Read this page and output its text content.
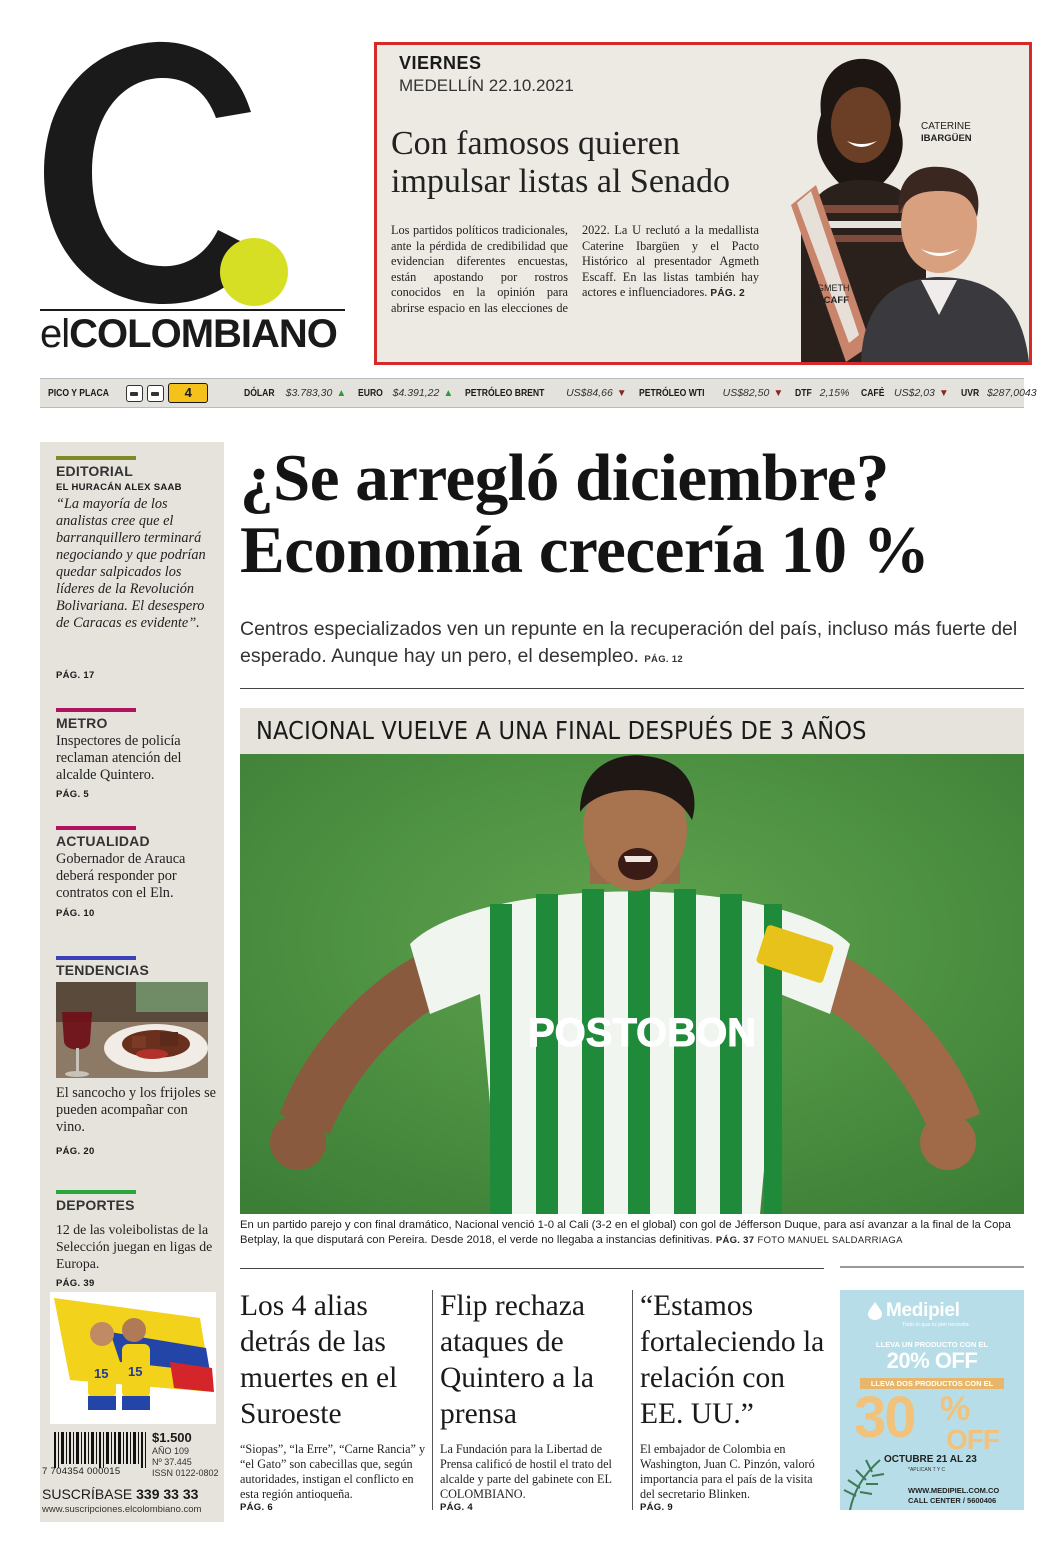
elCOLOMBIANO
VIERNES
MEDELLÍN 22.10.2021
Con famosos quieren impulsar listas al Senado
Los partidos políticos tradicionales, ante la pérdida de credibilidad que evidencian diferentes encuestas, están apostando por rostros conocidos en la opinión para abrirse espacio en las elecciones de 2022. La U reclutó a la medallista Caterine Ibargüen y el Pacto Histórico al presentador Agmeth Escaff. En las listas también hay actores e influenciadores. PÁG. 2
CATERINE
IBARGÜEN
AGMETH
ESCAFF
PICO Y PLACA	4	DÓLAR $3.783,30 ▲ EURO $4.391,22 ▲ PETRÓLEO BRENT US$84,66 ▼ PETRÓLEO WTI US$82,50 ▼ DTF 2,15% CAFÉ US$2,03 ▼ UVR $287,0043
EDITORIAL
EL HURACÁN ALEX SAAB
“La mayoría de los analistas cree que el barranquillero terminará negociando y que podrían quedar salpicados los líderes de la Revolución Bolivariana. El desespero de Caracas es evidente”.
PÁG. 17
METRO
Inspectores de policía reclaman atención del alcalde Quintero.
PÁG. 5
ACTUALIDAD
Gobernador de Arauca deberá responder por contratos con el Eln.
PÁG. 10
TENDENCIAS
El sancocho y los frijoles se pueden acompañar con vino.
PÁG. 20
DEPORTES
12 de las voleibolistas de la Selección juegan en ligas de Europa.
PÁG. 39
15 15
7 704354 000015
$1.500
AÑO 109
Nº 37.445
ISSN 0122-0802
SUSCRÍBASE 339 33 33
www.suscripciones.elcolombiano.com
¿Se arregló diciembre?
Economía crecería 10 %
Centros especializados ven un repunte en la recuperación del país, incluso más fuerte del esperado. Aunque hay un pero, el desempleo. PÁG. 12
NACIONAL VUELVE A UNA FINAL DESPUÉS DE 3 AÑOS
POSTOBON
En un partido parejo y con final dramático, Nacional venció 1-0 al Cali (3-2 en el global) con gol de Jéfferson Duque, para así avanzar a la final de la Copa Betplay, la que disputará con Pereira. Desde 2018, el verde no llegaba a instancias definitivas. PÁG. 37 FOTO MANUEL SALDARRIAGA
Los 4 alias detrás de las muertes en el Suroeste
“Siopas”, “la Erre”, “Carne Rancia” y “el Gato” son cabecillas que, según autoridades, instigan el conflicto en esta región antioqueña.
PÁG. 6
Flip rechaza ataques de Quintero a la prensa
La Fundación para la Libertad de Prensa calificó de hostil el trato del alcalde y parte del gabinete con EL COLOMBIANO.
PÁG. 4
“Estamos fortaleciendo la relación con EE. UU.”
El embajador de Colombia en Washington, Juan C. Pinzón, valoró importancia para el país de la visita del secretario Blinken.
PÁG. 9
Medipiel
Todo lo que tu piel necesita
LLEVA UN PRODUCTO CON EL
20% OFF
LLEVA DOS PRODUCTOS CON EL
30 %
OFF
OCTUBRE 21 AL 23
*APLICAN T Y C
WWW.MEDIPIEL.COM.CO
CALL CENTER / 5600406
